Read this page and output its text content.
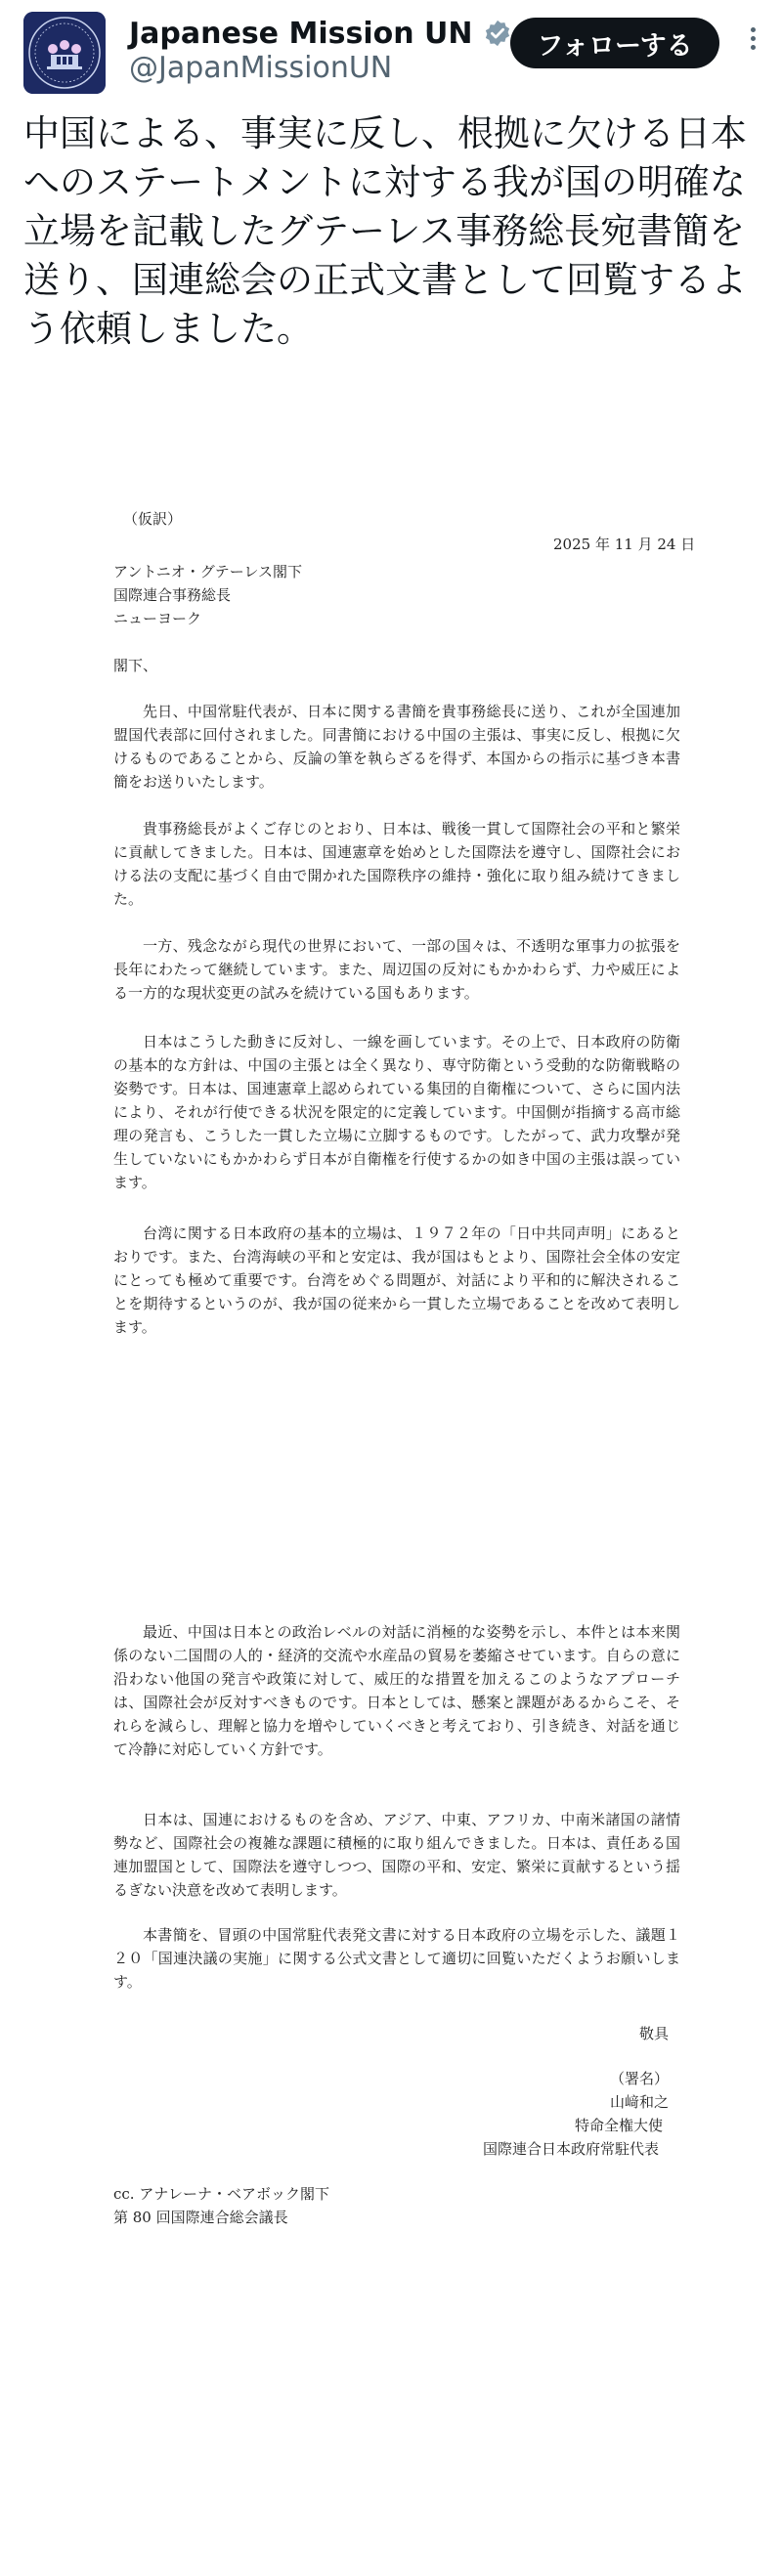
Japanese Mission UN
@JapanMissionUN
フォローする

中国による、事実に反し、根拠に欠ける日本へのステートメントに対する我が国の明確な立場を記載したグテーレス事務総長宛書簡を送り、国連総会の正式文書として回覧するよう依頼しました。

（仮訳）
2025 年 11 月 24 日
アントニオ・グテーレス閣下
国際連合事務総長
ニューヨーク
閣下、

先日、中国常駐代表が、日本に関する書簡を貴事務総長に送り、これが全国連加盟国代表部に回付されました。同書簡における中国の主張は、事実に反し、根拠に欠けるものであることから、反論の筆を執らざるを得ず、本国からの指示に基づき本書簡をお送りいたします。

貴事務総長がよくご存じのとおり、日本は、戦後一貫して国際社会の平和と繁栄に貢献してきました。日本は、国連憲章を始めとした国際法を遵守し、国際社会における法の支配に基づく自由で開かれた国際秩序の維持・強化に取り組み続けてきました。

一方、残念ながら現代の世界において、一部の国々は、不透明な軍事力の拡張を長年にわたって継続しています。また、周辺国の反対にもかかわらず、力や威圧による一方的な現状変更の試みを続けている国もあります。

日本はこうした動きに反対し、一線を画しています。その上で、日本政府の防衛の基本的な方針は、中国の主張とは全く異なり、専守防衛という受動的な防衛戦略の姿勢です。日本は、国連憲章上認められている集団的自衛権について、さらに国内法により、それが行使できる状況を限定的に定義しています。中国側が指摘する高市総理の発言も、こうした一貫した立場に立脚するものです。したがって、武力攻撃が発生していないにもかかわらず日本が自衛権を行使するかの如き中国の主張は誤っています。

台湾に関する日本政府の基本的立場は、１９７２年の「日中共同声明」にあるとおりです。また、台湾海峡の平和と安定は、我が国はもとより、国際社会全体の安定にとっても極めて重要です。台湾をめぐる問題が、対話により平和的に解決されることを期待するというのが、我が国の従来から一貫した立場であることを改めて表明します。

最近、中国は日本との政治レベルの対話に消極的な姿勢を示し、本件とは本来関係のない二国間の人的・経済的交流や水産品の貿易を萎縮させています。自らの意に沿わない他国の発言や政策に対して、威圧的な措置を加えるこのようなアプローチは、国際社会が反対すべきものです。日本としては、懸案と課題があるからこそ、それらを減らし、理解と協力を増やしていくべきと考えており、引き続き、対話を通じて冷静に対応していく方針です。

日本は、国連におけるものを含め、アジア、中東、アフリカ、中南米諸国の諸情勢など、国際社会の複雑な課題に積極的に取り組んできました。日本は、責任ある国連加盟国として、国際法を遵守しつつ、国際の平和、安定、繁栄に貢献するという揺るぎない決意を改めて表明します。

本書簡を、冒頭の中国常駐代表発文書に対する日本政府の立場を示した、議題１２０「国連決議の実施」に関する公式文書として適切に回覧いただくようお願いします。

敬具
（署名）
山﨑和之
特命全権大使
国際連合日本政府常駐代表
cc. アナレーナ・ベアボック閣下
第 80 回国際連合総会議長
